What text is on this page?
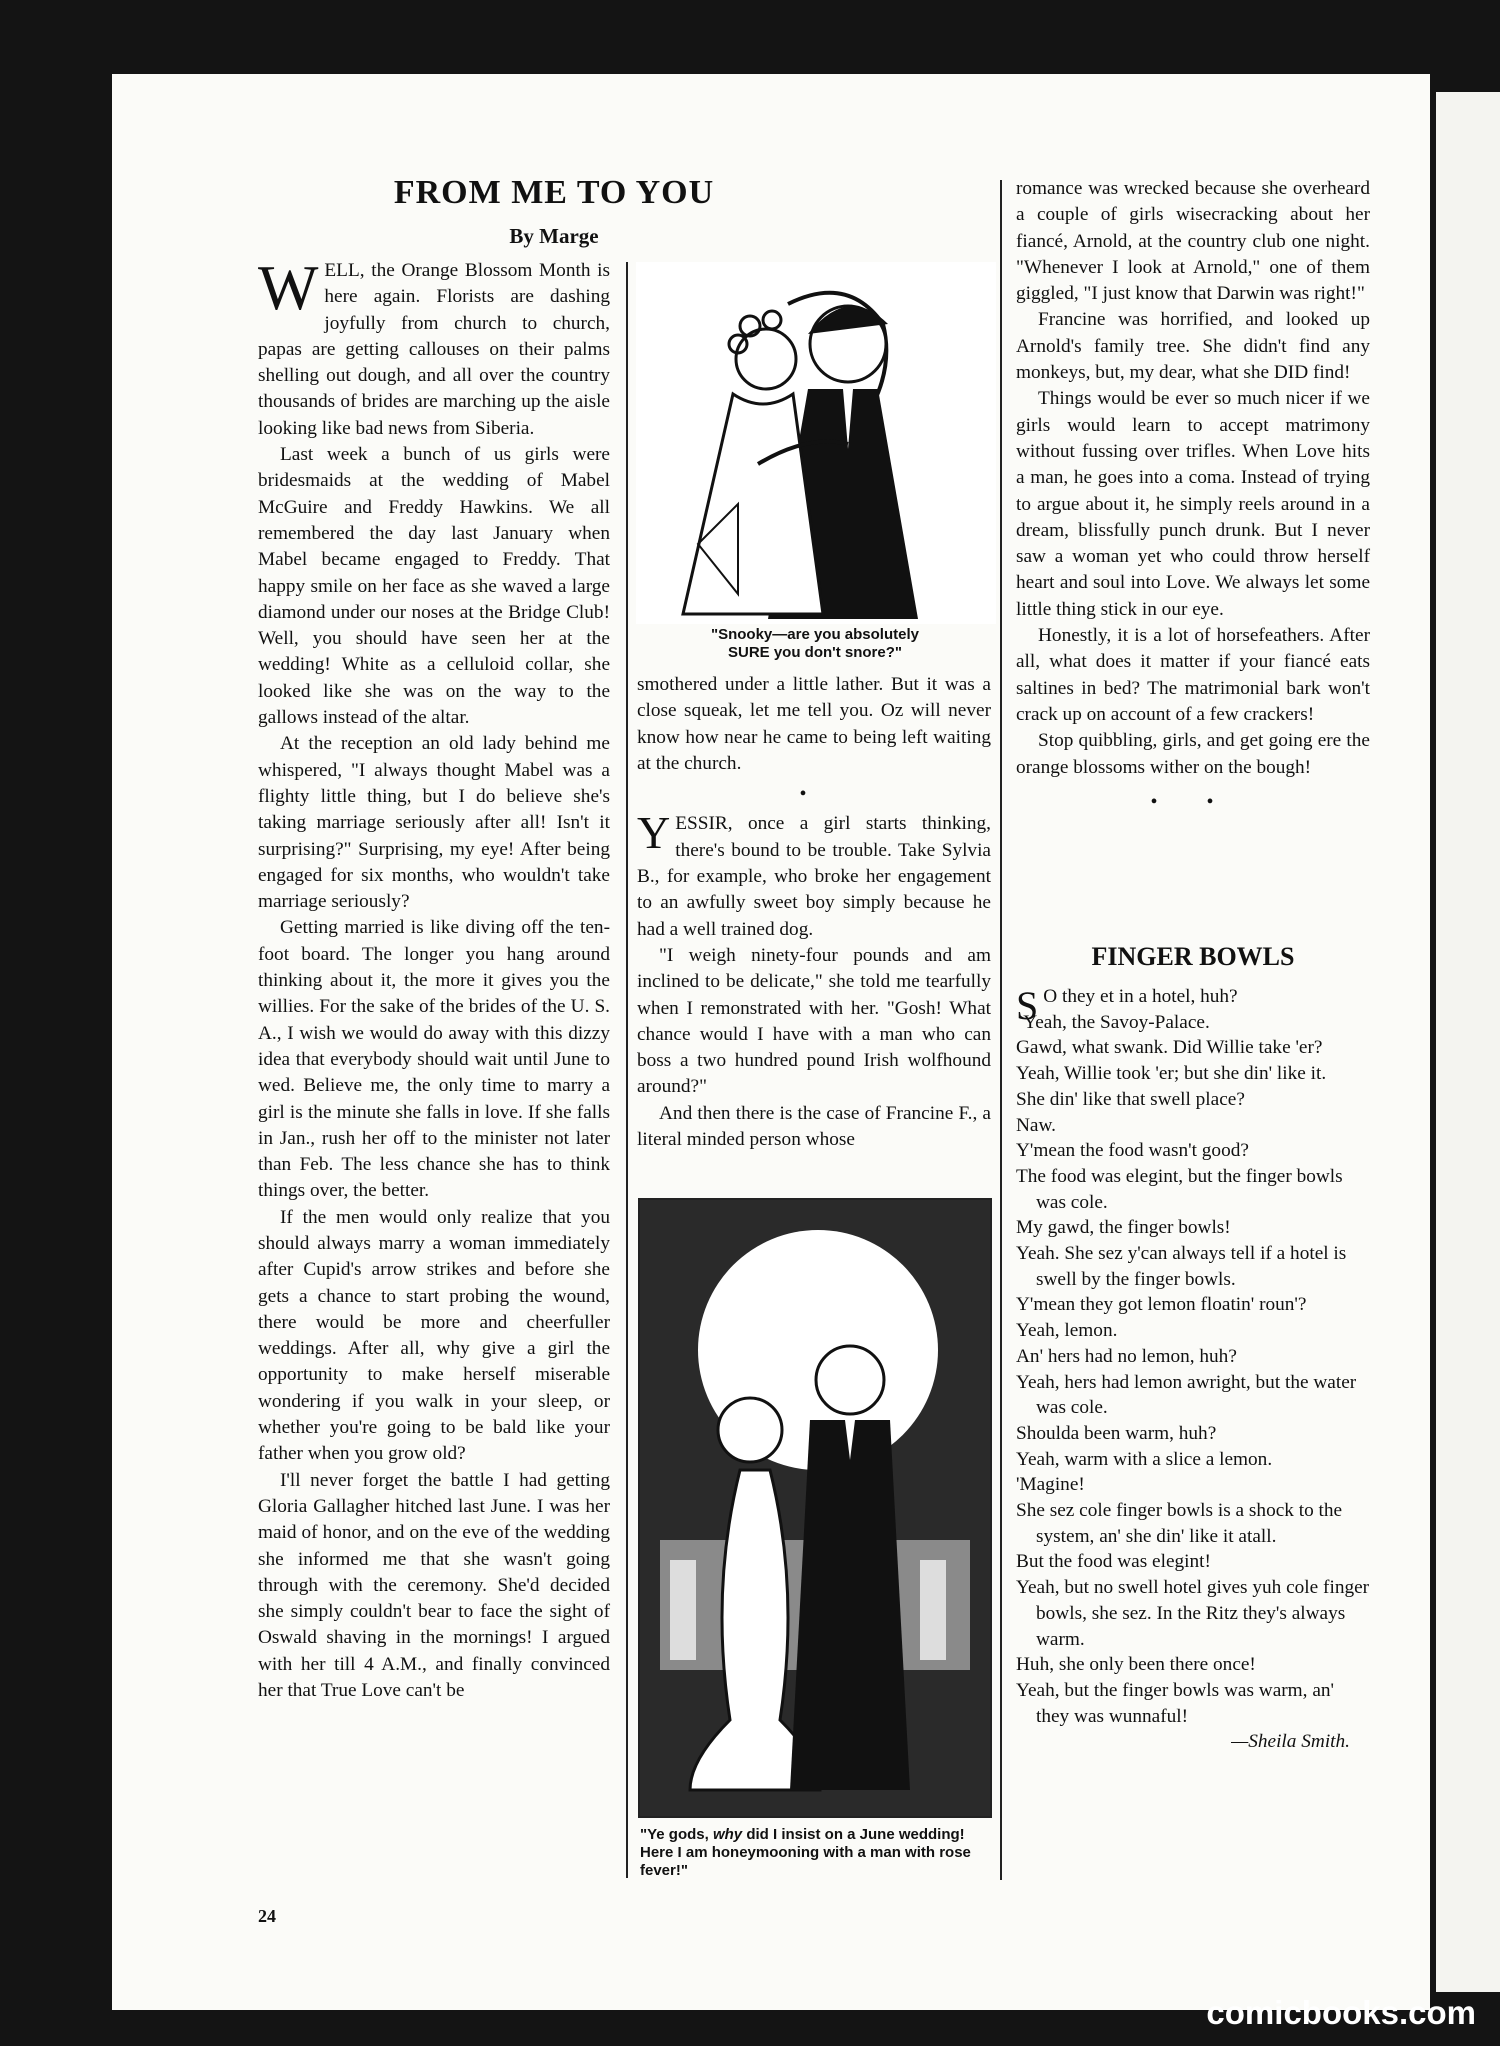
FROM ME TO YOU
By Marge

WELL, the Orange Blossom Month is here again. Florists are dashing joyfully from church to church, papas are getting callouses on their palms shelling out dough, and all over the country thousands of brides are marching up the aisle looking like bad news from Siberia.

Last week a bunch of us girls were bridesmaids at the wedding of Mabel McGuire and Freddy Hawkins. We all remembered the day last January when Mabel became engaged to Freddy. That happy smile on her face as she waved a large diamond under our noses at the Bridge Club! Well, you should have seen her at the wedding! White as a celluloid collar, she looked like she was on the way to the gallows instead of the altar.

At the reception an old lady behind me whispered, "I always thought Mabel was a flighty little thing, but I do believe she's taking marriage seriously after all! Isn't it surprising?" Surprising, my eye! After being engaged for six months, who wouldn't take marriage seriously?

Getting married is like diving off the ten-foot board. The longer you hang around thinking about it, the more it gives you the willies. For the sake of the brides of the U. S. A., I wish we would do away with this dizzy idea that everybody should wait until June to wed. Believe me, the only time to marry a girl is the minute she falls in love. If she falls in Jan., rush her off to the minister not later than Feb. The less chance she has to think things over, the better.

If the men would only realize that you should always marry a woman immediately after Cupid's arrow strikes and before she gets a chance to start probing the wound, there would be more and cheerfuller weddings. After all, why give a girl the opportunity to make herself miserable wondering if you walk in your sleep, or whether you're going to be bald like your father when you grow old?

I'll never forget the battle I had getting Gloria Gallagher hitched last June. I was her maid of honor, and on the eve of the wedding she informed me that she wasn't going through with the ceremony. She'd decided she simply couldn't bear to face the sight of Oswald shaving in the mornings! I argued with her till 4 A.M., and finally convinced her that True Love can't be

"Snooky—are you absolutely
SURE you don't snore?"

smothered under a little lather. But it was a close squeak, let me tell you. Oz will never know how near he came to being left waiting at the church.

•

YESSIR, once a girl starts thinking, there's bound to be trouble. Take Sylvia B., for example, who broke her engagement to an awfully sweet boy simply because he had a well trained dog.

"I weigh ninety-four pounds and am inclined to be delicate," she told me tearfully when I remonstrated with her. "Gosh! What chance would I have with a man who can boss a two hundred pound Irish wolfhound around?"

And then there is the case of Francine F., a literal minded person whose

"Ye gods, why did I insist on a June wedding! Here I am honeymooning with a man with rose fever!"

romance was wrecked because she overheard a couple of girls wisecracking about her fiancé, Arnold, at the country club one night. "Whenever I look at Arnold," one of them giggled, "I just know that Darwin was right!"

Francine was horrified, and looked up Arnold's family tree. She didn't find any monkeys, but, my dear, what she DID find!

Things would be ever so much nicer if we girls would learn to accept matrimony without fussing over trifles. When Love hits a man, he goes into a coma. Instead of trying to argue about it, he simply reels around in a dream, blissfully punch drunk. But I never saw a woman yet who could throw herself heart and soul into Love. We always let some little thing stick in our eye.

Honestly, it is a lot of horsefeathers. After all, what does it matter if your fiancé eats saltines in bed? The matrimonial bark won't crack up on account of a few crackers!

Stop quibbling, girls, and get going ere the orange blossoms wither on the bough!

• •
FINGER BOWLS
S O they et in a hotel, huh?
Yeah, the Savoy-Palace.
Gawd, what swank. Did Willie take 'er?
Yeah, Willie took 'er; but she din' like it.
She din' like that swell place?
Naw.
Y'mean the food wasn't good?
The food was elegint, but the finger bowls was cole.
My gawd, the finger bowls!
Yeah. She sez y'can always tell if a hotel is swell by the finger bowls.
Y'mean they got lemon floatin' roun'?
Yeah, lemon.
An' hers had no lemon, huh?
Yeah, hers had lemon awright, but the water was cole.
Shoulda been warm, huh?
Yeah, warm with a slice a lemon.
'Magine!
She sez cole finger bowls is a shock to the system, an' she din' like it atall.
But the food was elegint!
Yeah, but no swell hotel gives yuh cole finger bowls, she sez. In the Ritz they's always warm.
Huh, she only been there once!
Yeah, but the finger bowls was warm, an' they was wunnaful!
—Sheila Smith.
24
comicbooks.com
